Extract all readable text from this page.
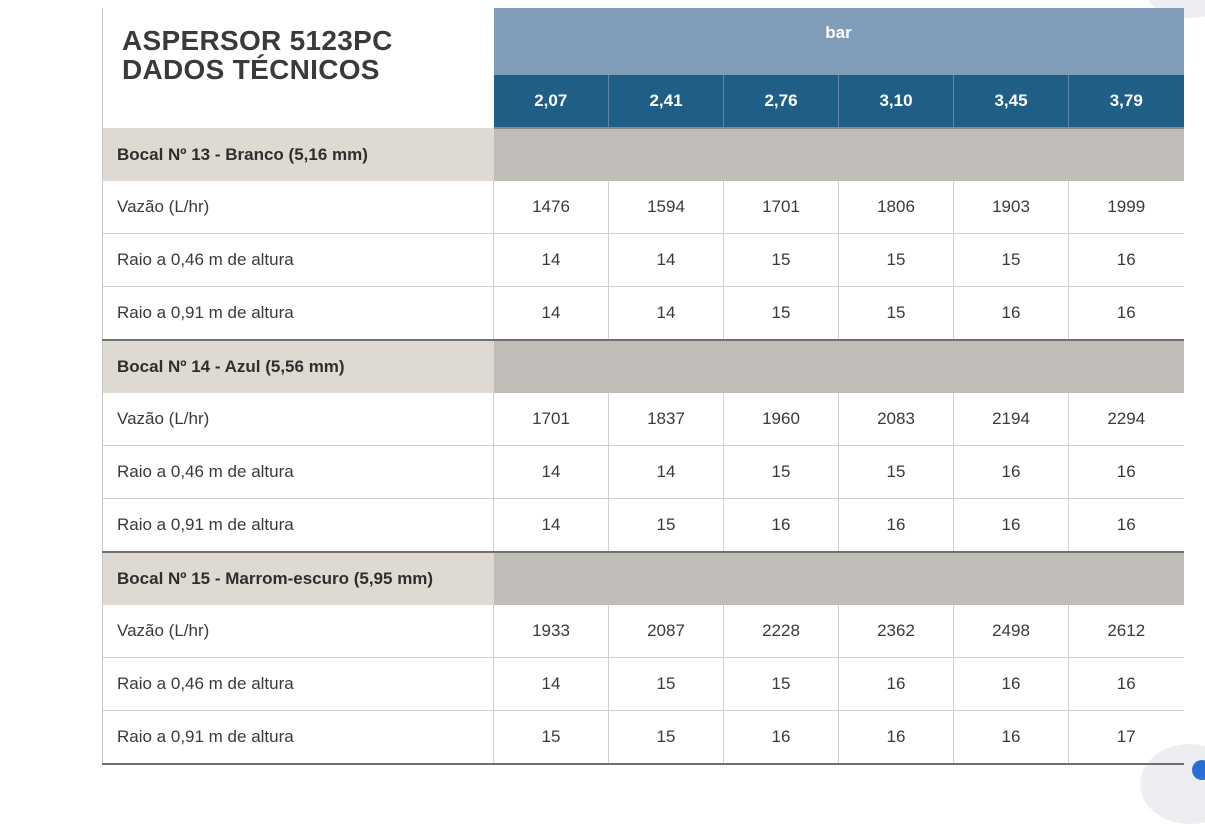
ASPERSOR 5123PC
DADOS TÉCNICOS	bar					
	2,07	2,41	2,76	3,10	3,45	3,79
Bocal Nº 13 - Branco (5,16 mm)						
Vazão (L/hr)	1476	1594	1701	1806	1903	1999
Raio a 0,46 m de altura	14	14	15	15	15	16
Raio a 0,91 m de altura	14	14	15	15	16	16
Bocal Nº 14 - Azul (5,56 mm)						
Vazão (L/hr)	1701	1837	1960	2083	2194	2294
Raio a 0,46 m de altura	14	14	15	15	16	16
Raio a 0,91 m de altura	14	15	16	16	16	16
Bocal Nº 15 - Marrom-escuro (5,95 mm)						
Vazão (L/hr)	1933	2087	2228	2362	2498	2612
Raio a 0,46 m de altura	14	15	15	16	16	16
Raio a 0,91 m de altura	15	15	16	16	16	17
